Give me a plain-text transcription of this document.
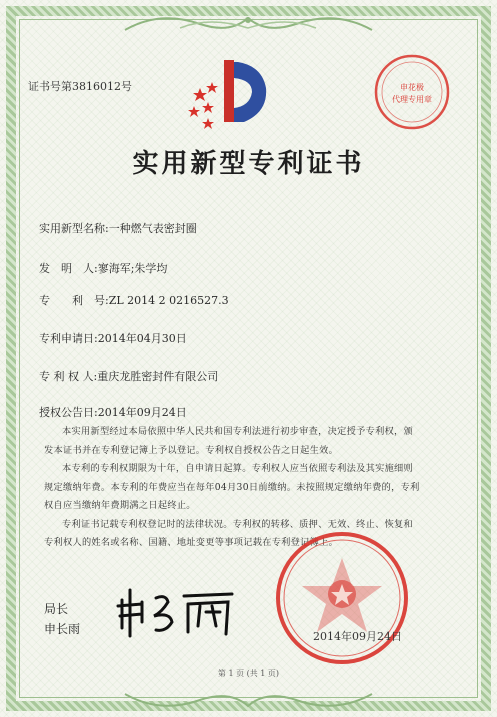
证书号第3816012号	申花极
代理专用章
实用新型专利证书
实用新型名称:一种燃气表密封圈
发　明　人:寥海军;朱学均
专　　利　号:ZL 2014 2 0216527.3
专利申请日:2014年04月30日
专 利 权 人:重庆龙胜密封件有限公司
授权公告日:2014年09月24日

本实用新型经过本局依照中华人民共和国专利法进行初步审查，决定授予专利权，颁发本证书并在专利登记簿上予以登记。专利权自授权公告之日起生效。

本专利的专利权期限为十年，自申请日起算。专利权人应当依照专利法及其实施细则规定缴纳年费。本专利的年费应当在每年04月30日前缴纳。未按照规定缴纳年费的，专利权自应当缴纳年费期满之日起终止。

专利证书记载专利权登记时的法律状况。专利权的转移、质押、无效、终止、恢复和专利权人的姓名或名称、国籍、地址变更等事项记载在专利登记簿上。

局长
申长雨
2014年09月24日
第 1 页 (共 1 页)
